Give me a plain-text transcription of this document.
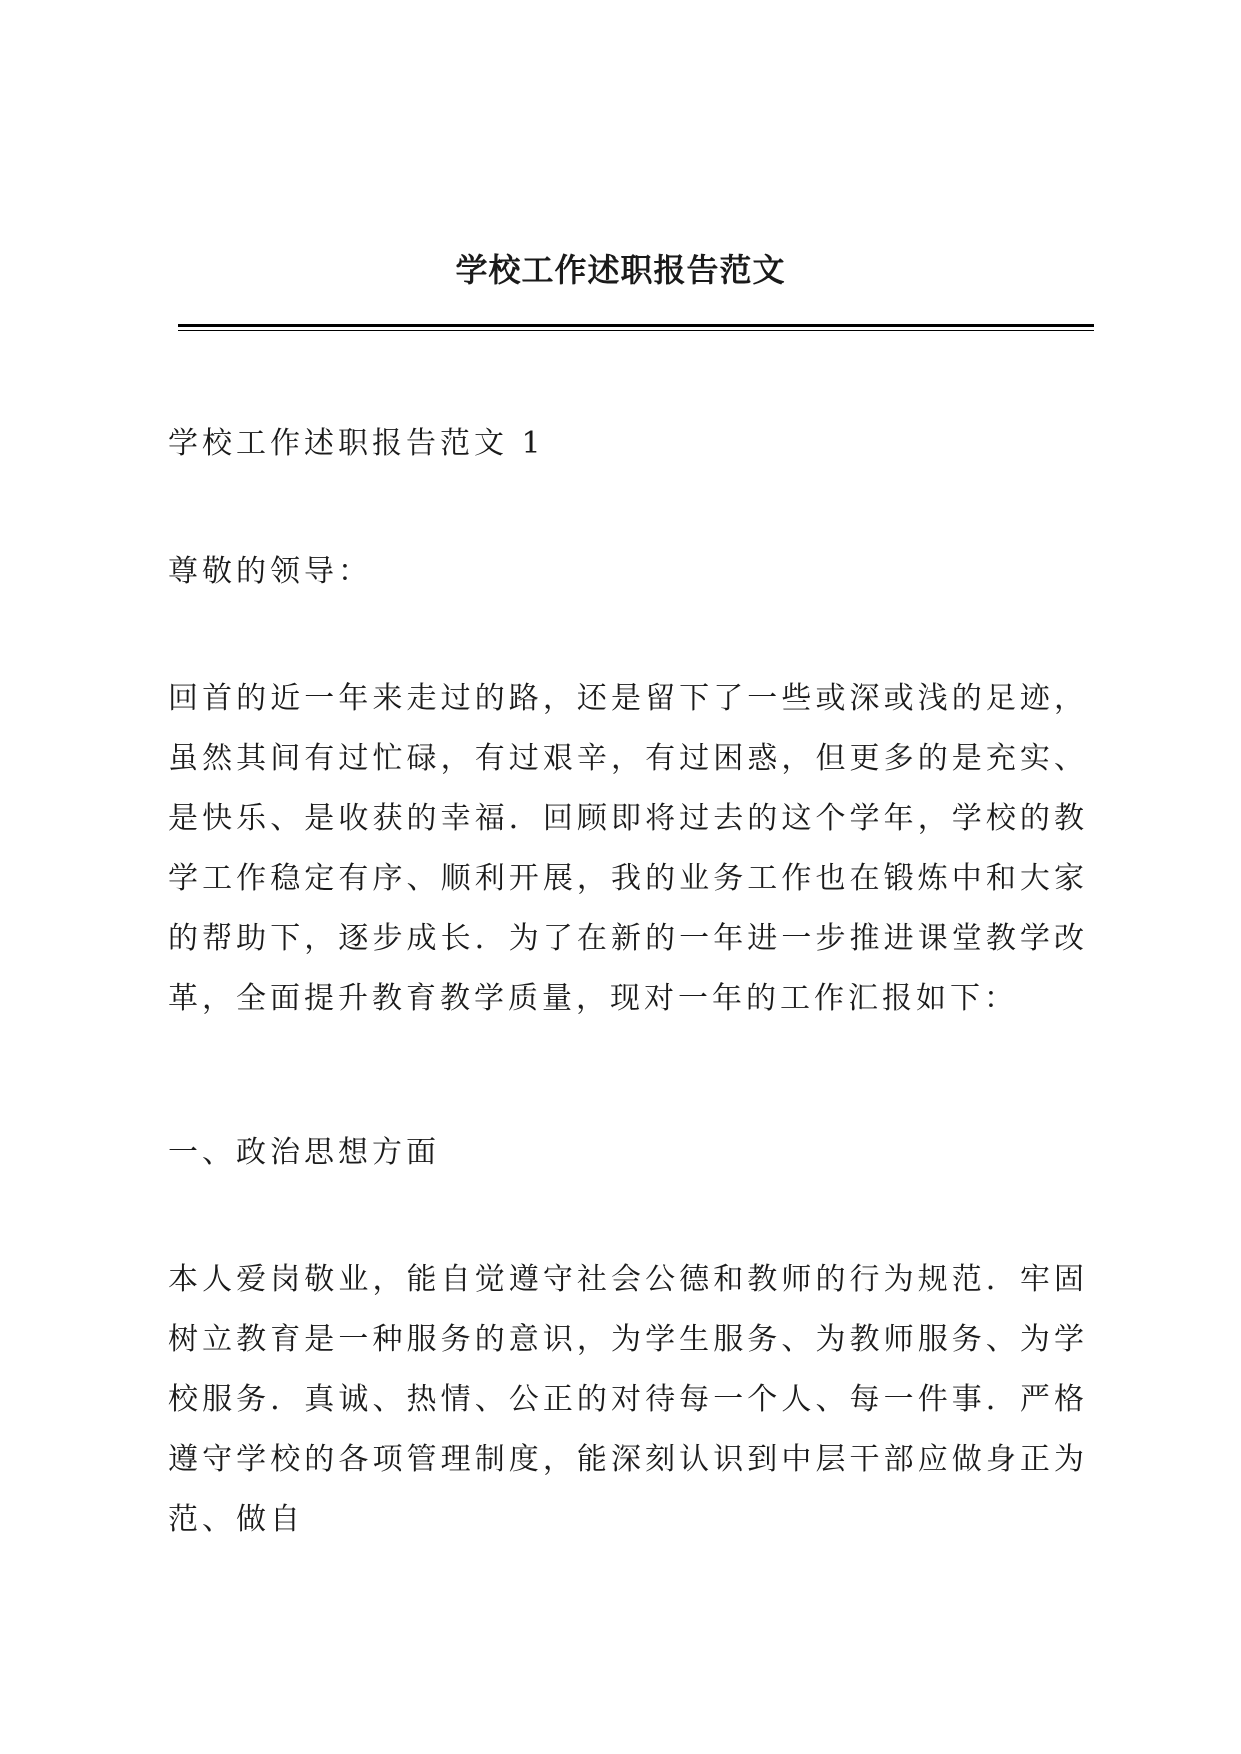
学校工作述职报告范文

学校工作述职报告范文 1

尊敬的领导：

回首的近一年来走过的路，还是留下了一些或深或浅的足迹，虽然其间有过忙碌，有过艰辛，有过困惑，但更多的是充实、是快乐、是收获的幸福．回顾即将过去的这个学年，学校的教学工作稳定有序、顺利开展，我的业务工作也在锻炼中和大家的帮助下，逐步成长．为了在新的一年进一步推进课堂教学改革，全面提升教育教学质量，现对一年的工作汇报如下：

一、政治思想方面

本人爱岗敬业，能自觉遵守社会公德和教师的行为规范．牢固树立教育是一种服务的意识，为学生服务、为教师服务、为学校服务．真诚、热情、公正的对待每一个人、每一件事．严格遵守学校的各项管理制度，能深刻认识到中层干部应做身正为范、做自
